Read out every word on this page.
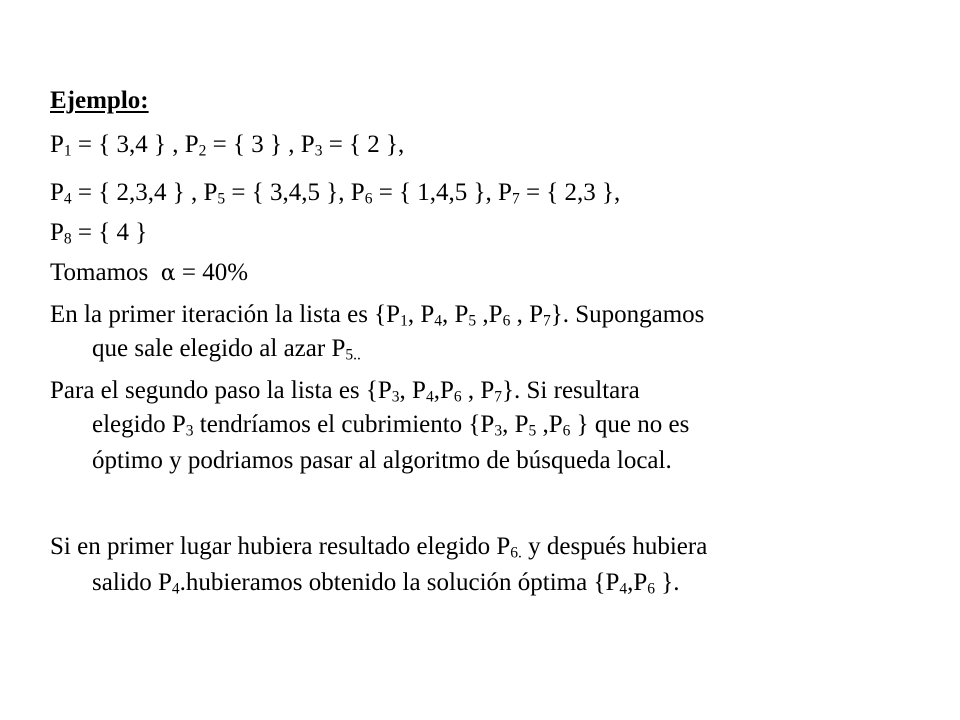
Ejemplo:
$P_1$ = { 3,4 } , $P_2$ = { 3 } , $P_3$ = { 2 },
$P_4$ = { 2,3,4 } , $P_5$ = { 3,4,5 }, $P_6$ = { 1,4,5 }, $P_7$ = { 2,3 },
$P_8$ = { 4 }
Tomamos α = 40%
En la primer iteración la lista es {$P_1$, $P_4$, $P_5$ $,P_6$ , $P_7$}. Supongamos
que sale elegido al azar $P_{5..}$
Para el segundo paso la lista es {$P_3$, $P_4,P_6$ , $P_7$}. Si resultara
elegido $P_3$ tendríamos el cubrimiento {$P_3$, $P_5$ $,P_6$ } que no es
óptimo y podriamos pasar al algoritmo de búsqueda local.
Si en primer lugar hubiera resultado elegido $P_{6.}$ y después hubiera
salido $P_4.hubieramos$ obtenido la solución óptima {$P_4,P_6$ }.
